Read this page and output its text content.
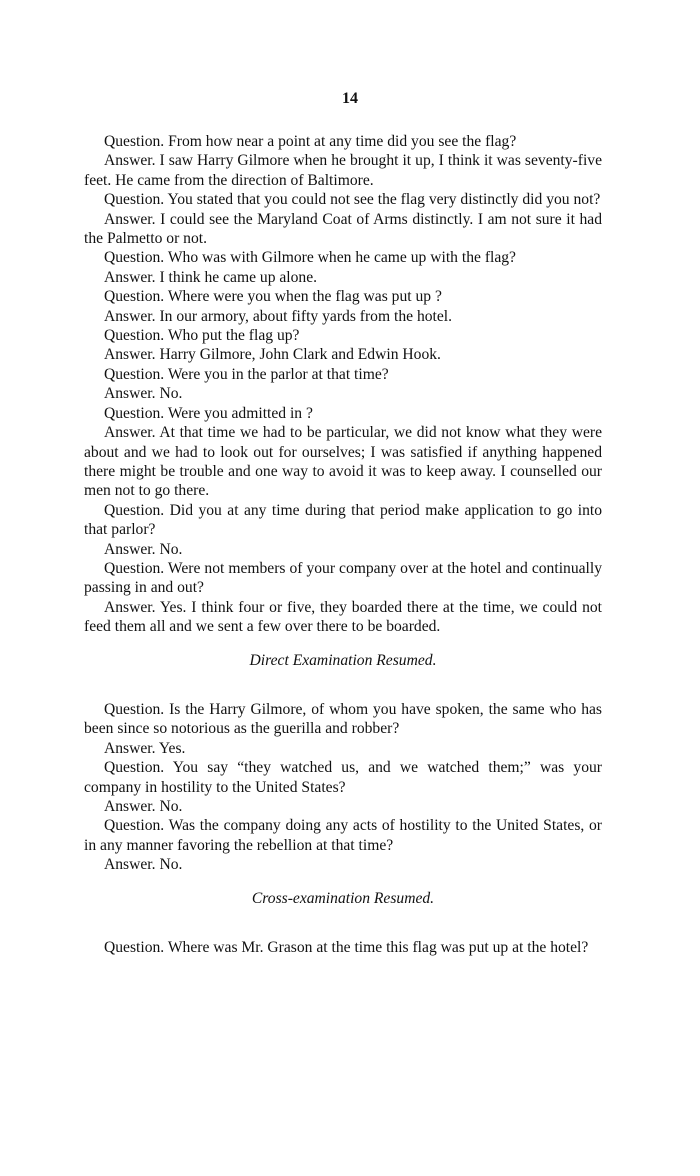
14

Question. From how near a point at any time did you see the flag?

Answer. I saw Harry Gilmore when he brought it up, I think it was seventy-five feet. He came from the direction of Baltimore.

Question. You stated that you could not see the flag very distinctly did you not?

Answer. I could see the Maryland Coat of Arms distinctly. I am not sure it had the Palmetto or not.

Question. Who was with Gilmore when he came up with the flag?

Answer. I think he came up alone.

Question. Where were you when the flag was put up ?

Answer. In our armory, about fifty yards from the hotel.

Question. Who put the flag up?

Answer. Harry Gilmore, John Clark and Edwin Hook.

Question. Were you in the parlor at that time?

Answer. No.

Question. Were you admitted in ?

Answer. At that time we had to be particular, we did not know what they were about and we had to look out for ourselves; I was satisfied if anything happened there might be trouble and one way to avoid it was to keep away. I counselled our men not to go there.

Question. Did you at any time during that period make application to go into that parlor?

Answer. No.

Question. Were not members of your company over at the hotel and continually passing in and out?

Answer. Yes. I think four or five, they boarded there at the time, we could not feed them all and we sent a few over there to be boarded.

Direct Examination Resumed.

Question. Is the Harry Gilmore, of whom you have spoken, the same who has been since so notorious as the guerilla and robber?

Answer. Yes.

Question. You say “they watched us, and we watched them;” was your company in hostility to the United States?

Answer. No.

Question. Was the company doing any acts of hostility to the United States, or in any manner favoring the rebellion at that time?

Answer. No.

Cross-examination Resumed.

Question. Where was Mr. Grason at the time this flag was put up at the hotel?
